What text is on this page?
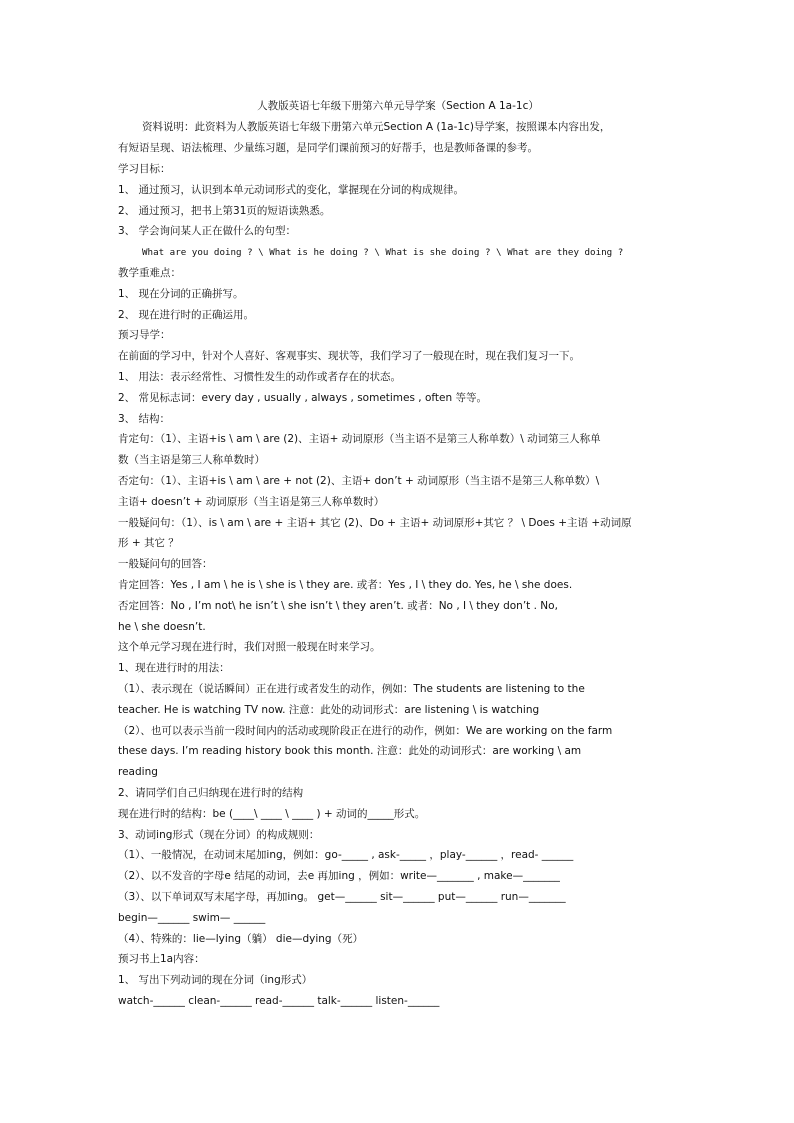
人教版英语七年级下册第六单元导学案（Section A 1a-1c）
资料说明：此资料为人教版英语七年级下册第六单元Section A (1a-1c)导学案，按照课本内容出发，
有短语呈现、语法梳理、少量练习题，是同学们课前预习的好帮手，也是教师备课的参考。
学习目标：
1、 通过预习，认识到本单元动词形式的变化，掌握现在分词的构成规律。
2、 通过预习，把书上第31页的短语读熟悉。
3、 学会询问某人正在做什么的句型：
What are you doing ? \ What is he doing ? \ What is she doing ? \ What are they doing ?
教学重难点：
1、 现在分词的正确拼写。
2、 现在进行时的正确运用。
预习导学：
在前面的学习中，针对个人喜好、客观事实、现状等，我们学习了一般现在时，现在我们复习一下。
1、 用法：表示经常性、习惯性发生的动作或者存在的状态。
2、 常见标志词：every day , usually , always , sometimes , often 等等。
3、 结构：
肯定句：（1）、主语+is \ am \ are (2)、主语+ 动词原形（当主语不是第三人称单数）\ 动词第三人称单
数（当主语是第三人称单数时）
否定句：（1）、主语+is \ am \ are + not (2)、主语+ don’t + 动词原形（当主语不是第三人称单数）\
主语+ doesn’t + 动词原形（当主语是第三人称单数时）
一般疑问句：（1）、is \ am \ are + 主语+ 其它 (2)、Do + 主语+ 动词原形+其它 ？ \ Does +主语 +动词原
形 + 其它 ？
一般疑问句的回答：
肯定回答：Yes , I am \ he is \ she is \ they are. 或者：Yes , I \ they do. Yes, he \ she does.
否定回答：No , I’m not\ he isn’t \ she isn’t \ they aren’t. 或者：No , I \ they don’t . No,
he \ she doesn’t.
这个单元学习现在进行时，我们对照一般现在时来学习。
1、现在进行时的用法：
（1）、表示现在（说话瞬间）正在进行或者发生的动作，例如：The students are listening to the
teacher. He is watching TV now. 注意：此处的动词形式：are listening \ is watching
（2）、也可以表示当前一段时间内的活动或现阶段正在进行的动作，例如：We are working on the farm
these days. I’m reading history book this month. 注意：此处的动词形式：are working \ am
reading
2、请同学们自己归纳现在进行时的结构
现在进行时的结构：be (____\ ____ \ ____ ) + 动词的_____形式。
3、动词ing形式（现在分词）的构成规则：
（1）、一般情况，在动词末尾加ing，例如：go-_____ , ask-_____ ，play-______ ，read- ______
（2）、以不发音的字母e 结尾的动词，去e 再加ing ，例如：write—_______ , make—_______
（3）、以下单词双写末尾字母，再加ing。 get—______ sit—______ put—______ run—_______
begin—______ swim— ______
（4）、特殊的：lie—lying（躺） die—dying（死）
预习书上1a内容：
1、 写出下列动词的现在分词（ing形式）
watch-______ clean-______ read-______ talk-______ listen-______
